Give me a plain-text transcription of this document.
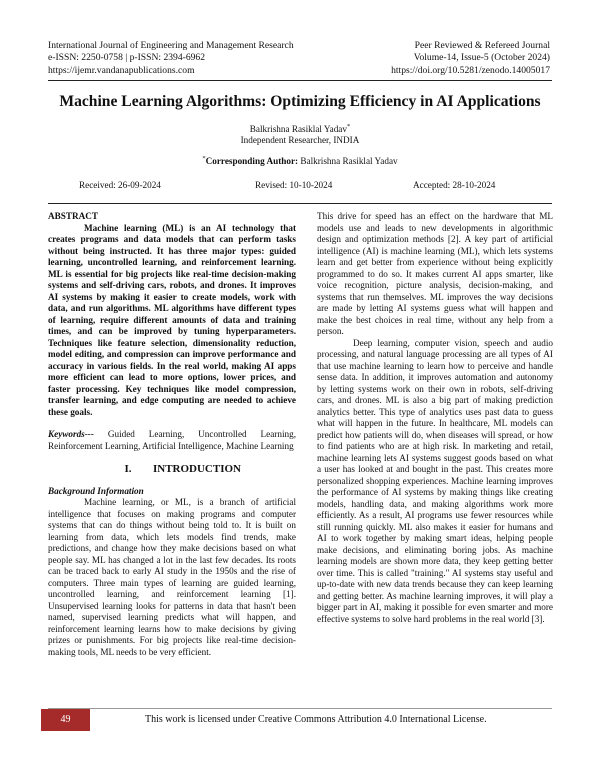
International Journal of Engineering and Management Research
e-ISSN: 2250-0758 | p-ISSN: 2394-6962
https://ijemr.vandanapublications.com
Peer Reviewed & Refereed Journal
Volume-14, Issue-5 (October 2024)
https://doi.org/10.5281/zenodo.14005017
Machine Learning Algorithms: Optimizing Efficiency in AI Applications
Balkrishna Rasiklal Yadav*
Independent Researcher, INDIA
*Corresponding Author: Balkrishna Rasiklal Yadav
Received: 26-09-2024	Revised: 10-10-2024	Accepted: 28-10-2024

ABSTRACT

Machine learning (ML) is an AI technology that creates programs and data models that can perform tasks without being instructed. It has three major types: guided learning, uncontrolled learning, and reinforcement learning. ML is essential for big projects like real-time decision-making systems and self-driving cars, robots, and drones. It improves AI systems by making it easier to create models, work with data, and run algorithms. ML algorithms have different types of learning, require different amounts of data and training times, and can be improved by tuning hyperparameters. Techniques like feature selection, dimensionality reduction, model editing, and compression can improve performance and accuracy in various fields. In the real world, making AI apps more efficient can lead to more options, lower prices, and faster processing. Key techniques like model compression, transfer learning, and edge computing are needed to achieve these goals.

Keywords--- Guided Learning, Uncontrolled Learning, Reinforcement Learning, Artificial Intelligence, Machine Learning

I. INTRODUCTION

Background Information

Machine learning, or ML, is a branch of artificial intelligence that focuses on making programs and computer systems that can do things without being told to. It is built on learning from data, which lets models find trends, make predictions, and change how they make decisions based on what people say. ML has changed a lot in the last few decades. Its roots can be traced back to early AI study in the 1950s and the rise of computers. Three main types of learning are guided learning, uncontrolled learning, and reinforcement learning [1]. Unsupervised learning looks for patterns in data that hasn't been named, supervised learning predicts what will happen, and reinforcement learning learns how to make decisions by giving prizes or punishments. For big projects like real-time decision-making tools, ML needs to be very efficient.

This drive for speed has an effect on the hardware that ML models use and leads to new developments in algorithmic design and optimization methods [2]. A key part of artificial intelligence (AI) is machine learning (ML), which lets systems learn and get better from experience without being explicitly programmed to do so. It makes current AI apps smarter, like voice recognition, picture analysis, decision-making, and systems that run themselves. ML improves the way decisions are made by letting AI systems guess what will happen and make the best choices in real time, without any help from a person.

Deep learning, computer vision, speech and audio processing, and natural language processing are all types of AI that use machine learning to learn how to perceive and handle sense data. In addition, it improves automation and autonomy by letting systems work on their own in robots, self-driving cars, and drones. ML is also a big part of making prediction analytics better. This type of analytics uses past data to guess what will happen in the future. In healthcare, ML models can predict how patients will do, when diseases will spread, or how to find patients who are at high risk. In marketing and retail, machine learning lets AI systems suggest goods based on what a user has looked at and bought in the past. This creates more personalized shopping experiences. Machine learning improves the performance of AI systems by making things like creating models, handling data, and making algorithms work more efficiently. As a result, AI programs use fewer resources while still running quickly. ML also makes it easier for humans and AI to work together by making smart ideas, helping people make decisions, and eliminating boring jobs. As machine learning models are shown more data, they keep getting better over time. This is called "training." AI systems stay useful and up-to-date with new data trends because they can keep learning and getting better. As machine learning improves, it will play a bigger part in AI, making it possible for even smarter and more effective systems to solve hard problems in the real world [3].

49	This work is licensed under Creative Commons Attribution 4.0 International License.
